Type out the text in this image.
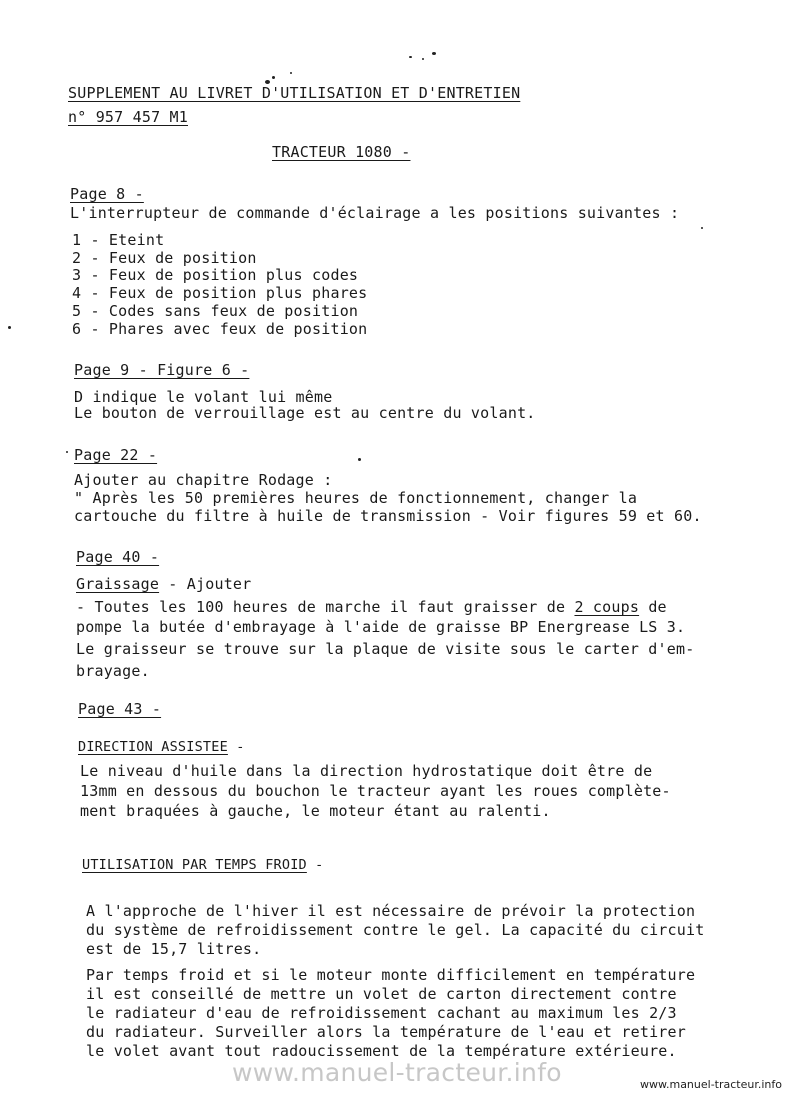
SUPPLEMENT AU LIVRET D'UTILISATION ET D'ENTRETIEN
n° 957 457 M1
TRACTEUR 1080 -
Page 8 -
L'interrupteur de commande d'éclairage a les positions suivantes :
1 - Eteint
2 - Feux de position
3 - Feux de position plus codes
4 - Feux de position plus phares
5 - Codes sans feux de position
6 - Phares avec feux de position
Page 9 - Figure 6 -
D indique le volant lui même
Le bouton de verrouillage est au centre du volant.
Page 22 -
Ajouter au chapitre Rodage :
" Après les 50 premières heures de fonctionnement, changer la
cartouche du filtre à huile de transmission - Voir figures 59 et 60.
Page 40 -
Graissage - Ajouter
- Toutes les 100 heures de marche il faut graisser de 2 coups de
pompe la butée d'embrayage à l'aide de graisse BP Energrease LS 3.
Le graisseur se trouve sur la plaque de visite sous le carter d'em-
brayage.
Page 43 -
DIRECTION ASSISTEE -
Le niveau d'huile dans la direction hydrostatique doit être de
13mm en dessous du bouchon le tracteur ayant les roues complète-
ment braquées à gauche, le moteur étant au ralenti.
UTILISATION PAR TEMPS FROID -
A l'approche de l'hiver il est nécessaire de prévoir la protection
du système de refroidissement contre le gel. La capacité du circuit
est de 15,7 litres.
Par temps froid et si le moteur monte difficilement en température
il est conseillé de mettre un volet de carton directement contre
le radiateur d'eau de refroidissement cachant au maximum les 2/3
du radiateur. Surveiller alors la température de l'eau et retirer
le volet avant tout radoucissement de la température extérieure.
www.manuel-tracteur.info	www.manuel-tracteur.info
